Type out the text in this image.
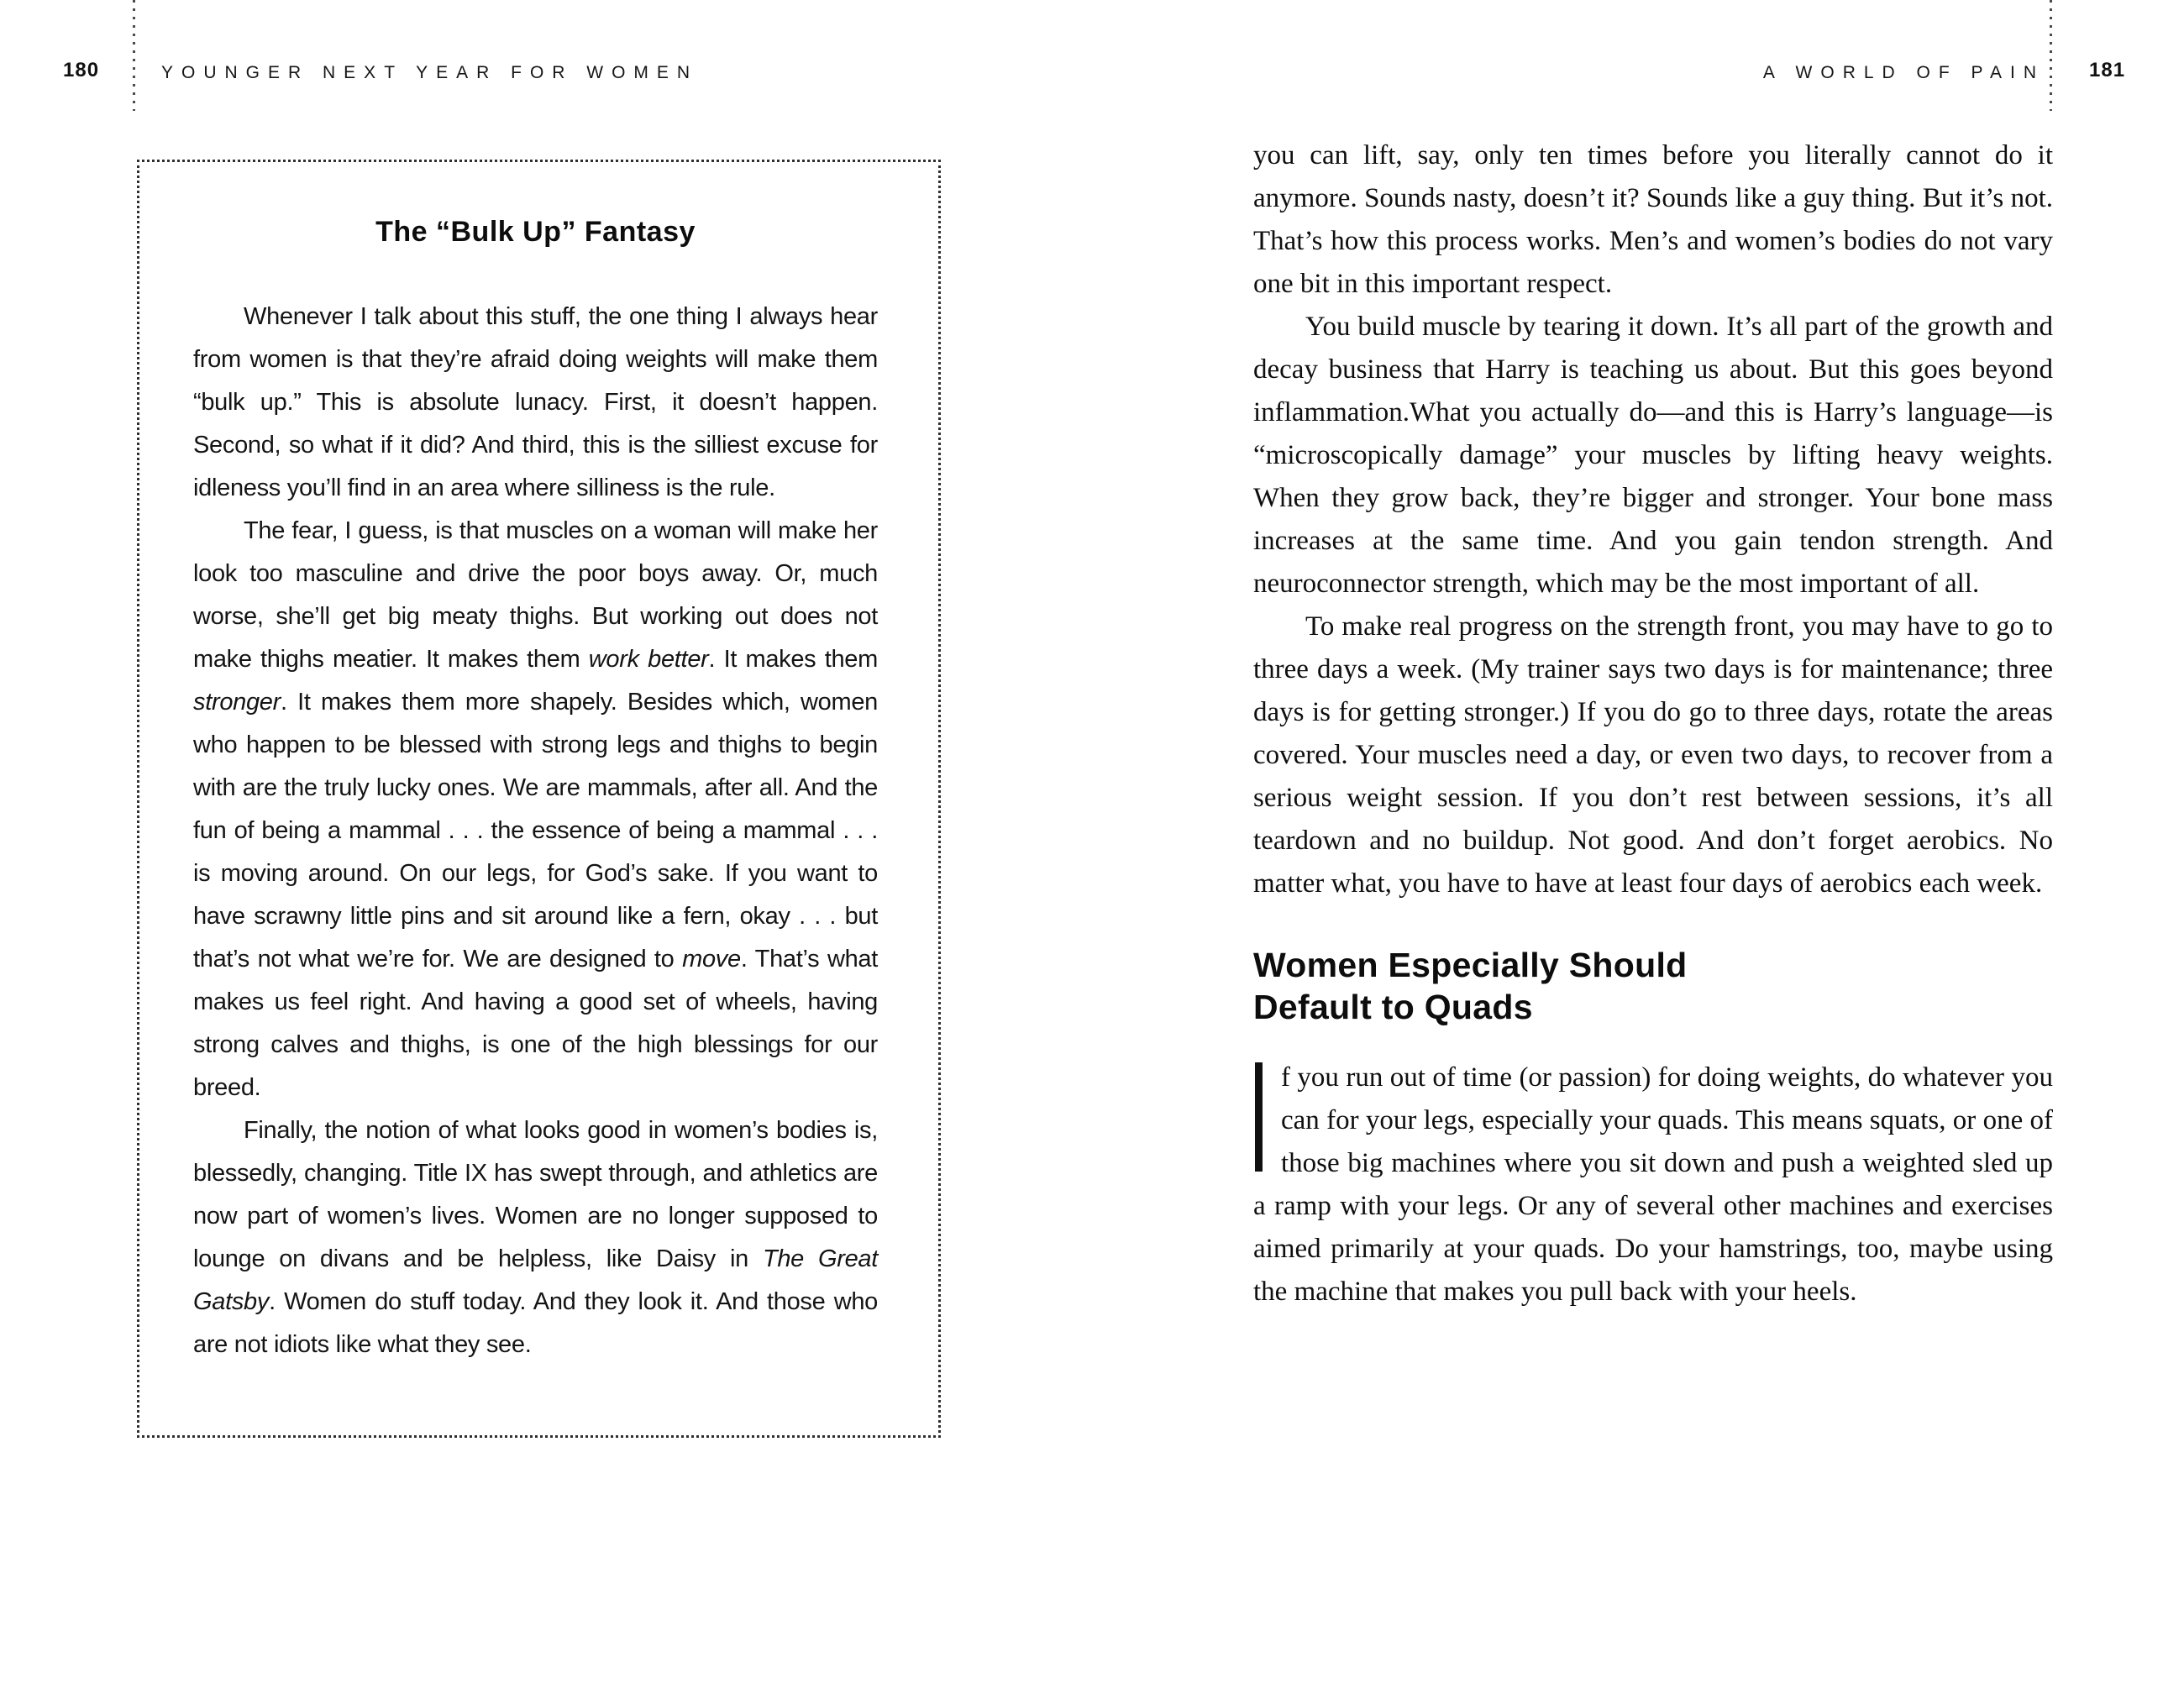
180	YOUNGER NEXT YEAR FOR WOMEN	A WORLD OF PAIN 181
The “Bulk Up” Fantasy

Whenever I talk about this stuff, the one thing I always hear from women is that they’re afraid doing weights will make them “bulk up.” This is absolute lunacy. First, it doesn’t happen. Second, so what if it did? And third, this is the silliest excuse for idleness you’ll find in an area where silliness is the rule.

The fear, I guess, is that muscles on a woman will make her look too masculine and drive the poor boys away. Or, much worse, she’ll get big meaty thighs. But working out does not make thighs meatier. It makes them work better. It makes them stronger. It makes them more shapely. Besides which, women who happen to be blessed with strong legs and thighs to begin with are the truly lucky ones. We are mammals, after all. And the fun of being a mammal . . . the essence of being a mammal . . . is moving around. On our legs, for God’s sake. If you want to have scrawny little pins and sit around like a fern, okay . . . but that’s not what we’re for. We are designed to move. That’s what makes us feel right. And having a good set of wheels, having strong calves and thighs, is one of the high blessings for our breed.

Finally, the notion of what looks good in women’s bodies is, blessedly, changing. Title IX has swept through, and athletics are now part of women’s lives. Women are no longer supposed to lounge on divans and be helpless, like Daisy in The Great Gatsby. Women do stuff today. And they look it. And those who are not idiots like what they see.

you can lift, say, only ten times before you literally cannot do it anymore. Sounds nasty, doesn’t it? Sounds like a guy thing. But it’s not. That’s how this process works. Men’s and women’s bodies do not vary one bit in this important respect.

You build muscle by tearing it down. It’s all part of the growth and decay business that Harry is teaching us about. But this goes beyond inflammation.What you actually do—and this is Harry’s language—is “microscopically damage” your muscles by lifting heavy weights. When they grow back, they’re bigger and stronger. Your bone mass increases at the same time. And you gain tendon strength. And neuroconnector strength, which may be the most important of all.

To make real progress on the strength front, you may have to go to three days a week. (My trainer says two days is for maintenance; three days is for getting stronger.) If you do go to three days, rotate the areas covered. Your muscles need a day, or even two days, to recover from a serious weight session. If you don’t rest between sessions, it’s all teardown and no buildup. Not good. And don’t forget aerobics. No matter what, you have to have at least four days of aerobics each week.

Women Especially Should
Default to Quads

f you run out of time (or passion) for doing weights, do whatever you can for your legs, especially your quads. This means squats, or one of those big machines where you sit down and push a weighted sled up a ramp with your legs. Or any of several other machines and exercises aimed primarily at your quads. Do your hamstrings, too, maybe using the machine that makes you pull back with your heels.
